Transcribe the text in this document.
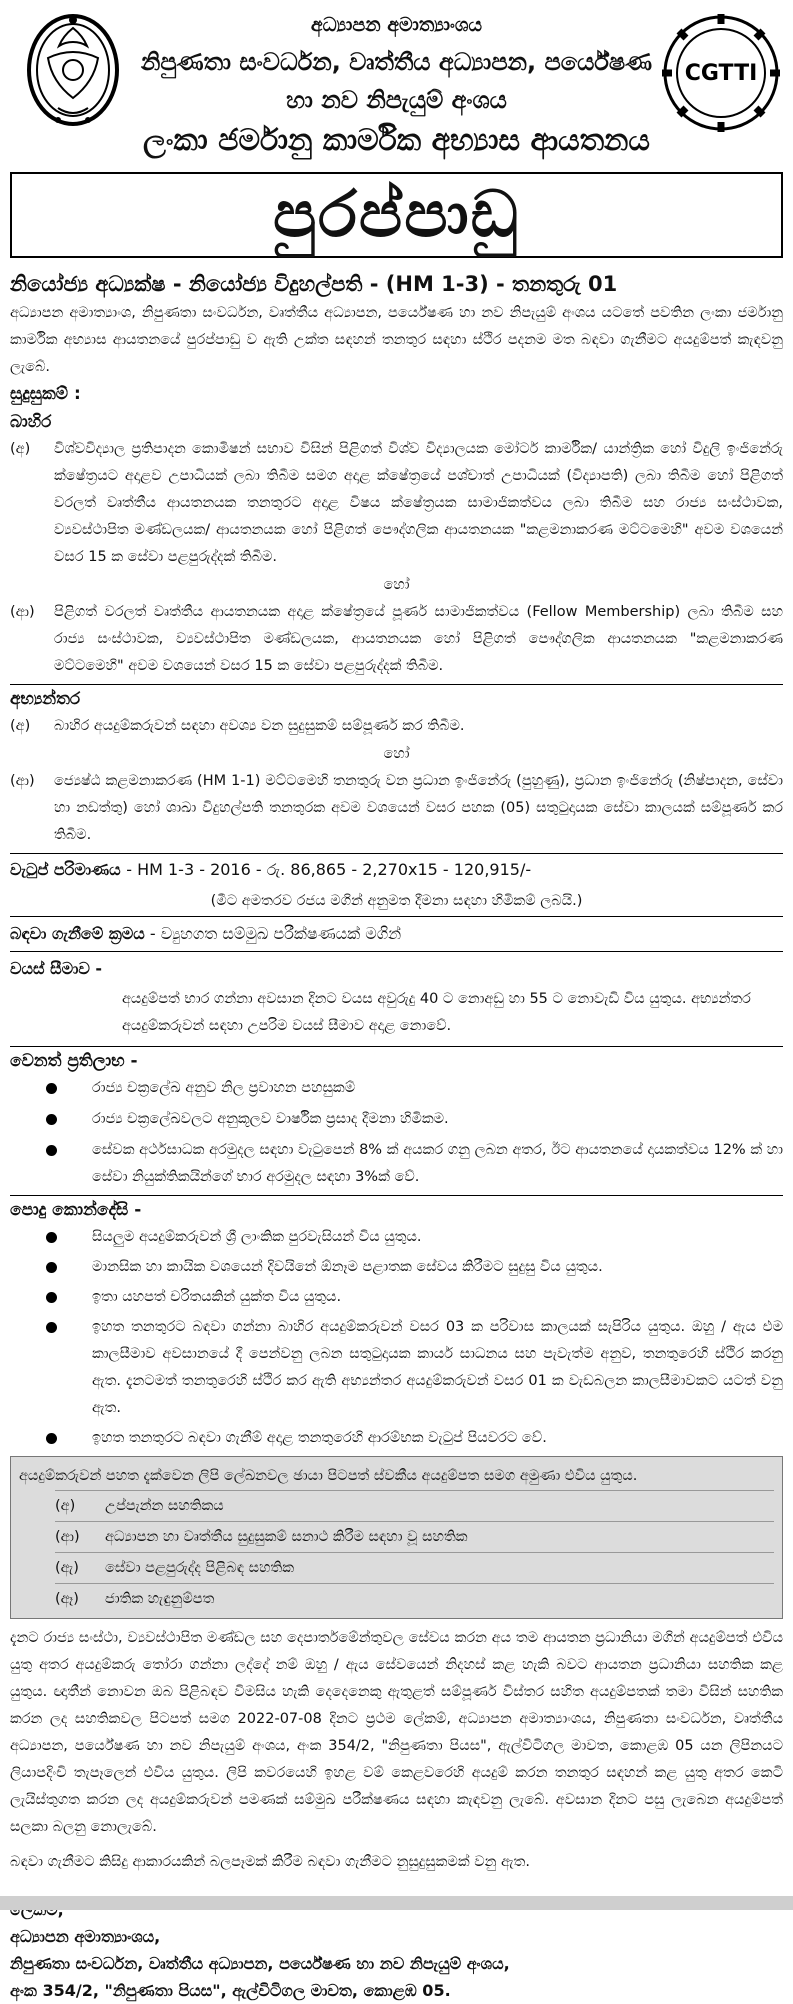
CGTTI
අධ්‍යාපන අමාත්‍යාංශය
නිපුණතා සංවර්ධන, වෘත්තීය අධ්‍යාපන, පර්යේෂණ
හා නව නිපැයුම් අංශය
ලංකා ජර්මානු කාර්මික අභ්‍යාස ආයතනය
පුරප්පාඩු
නියෝජ්‍ය අධ්‍යක්ෂ - නියෝජ්‍ය විදුහල්පති - (HM 1-3) - තනතුරු 01

අධ්‍යාපන අමාත්‍යාංශ, නිපුණතා සංවර්ධන, වෘත්තීය අධ්‍යාපන, පර්යේෂණ හා නව නිපැයුම් අංශය යටතේ පවතින ලංකා ජර්මානු කාර්මික අභ්‍යාස ආයතනයේ පුරප්පාඩු ව ඇති උක්ත සඳහන් තනතුර සඳහා ස්ථිර පදනම මත බඳවා ගැනීමට අයදුම්පත් කැඳවනු ලැබේ.

සුදුසුකම් :
බාහිර
(අ)	විශ්වවිද්‍යාල ප්‍රතිපාදන කොමිෂන් සභාව විසින් පිළිගත් විශ්ව විද්‍යාලයක මෝටර් කාර්මික/ යාන්ත්‍රික හෝ විදුලි ඉංජිනේරු ක්ෂේත්‍රයට අදාළව උපාධියක් ලබා තිබීම සමග අදාළ ක්ෂේත්‍රයේ පශ්චාත් උපාධියක් (විද්‍යාපති) ලබා තිබීම හෝ පිළිගත් වරලත් වෘත්තීය ආයතනයක තනතුරට අදාළ විෂය ක්ෂේත්‍රයක සාමාජිකත්වය ලබා තිබීම සහ රාජ්‍ය සංස්ථාවක, ව්‍යවස්ථාපිත මණ්ඩලයක/ ආයතනයක හෝ පිළිගත් පෞද්ගලික ආයතනයක "කළමනාකරණ මට්ටමෙහි" අවම වශයෙන් වසර 15 ක සේවා පළපුරුද්දක් තිබීම.
හෝ
(ආ)	පිළිගත් වරලත් වෘත්තීය ආයතනයක අදාළ ක්ෂේත්‍රයේ පූර්ණ සාමාජිකත්වය (Fellow Membership) ලබා තිබීම සහ රාජ්‍ය සංස්ථාවක, ව්‍යවස්ථාපිත මණ්ඩලයක, ආයතනයක හෝ පිළිගත් පෞද්ගලික ආයතනයක "කළමනාකරණ මට්ටමෙහි" අවම වශයෙන් වසර 15 ක සේවා පළපුරුද්දක් තිබීම.
අභ්‍යන්තර
(අ)	බාහිර අයදුම්කරුවන් සඳහා අවශ්‍ය වන සුදුසුකම් සම්පූර්ණ කර තිබීම.
හෝ
(ආ)	ජ්‍යෙෂ්ඨ කළමනාකරණ (HM 1-1) මට්ටමෙහි තනතුරු වන ප්‍රධාන ඉංජිනේරු (පුහුණු), ප්‍රධාන ඉංජිනේරු (නිෂ්පාදන, සේවා හා නඩත්තු) හෝ ශාඛා විදුහල්පති තනතුරක අවම වශයෙන් වසර පහක (05) සතුටුදායක සේවා කාලයක් සම්පූර්ණ කර තිබීම.
වැටුප් පරිමාණය - HM 1-3 - 2016 - රු. 86,865 - 2,270x15 - 120,915/-
(මීට අමතරව රජය මගින් අනුමත දීමනා සඳහා හිමිකම් ලබයි.)
බඳවා ගැනීමේ ක්‍රමය - ව්‍යුහගත සම්මුඛ පරීක්ෂණයක් මගින්
වයස් සීමාව -
අයදුම්පත් භාර ගන්නා අවසාන දිනට වයස අවුරුදු 40 ට නොඅඩු හා 55 ට නොවැඩි විය යුතුය. අභ්‍යන්තර අයදුම්කරුවන් සඳහා උපරිම වයස් සීමාව අදාළ නොවේ.
වෙනත් ප්‍රතිලාභ -
රාජ්‍ය චක්‍රලේඛ අනුව නිල ප්‍රවාහන පහසුකම්
රාජ්‍ය චක්‍රලේඛවලට අනුකූලව වාර්ෂික ප්‍රසාද දීමනා හිමිකම.
සේවක අර්ථසාධක අරමුදල සඳහා වැටුපෙන් 8% ක් අයකර ගනු ලබන අතර, ඊට ආයතනයේ දායකත්වය 12% ක් හා සේවා නියුක්තිකයින්ගේ භාර අරමුදල සඳහා 3%ක් වේ.
පොදු කොන්දේසි -
සියලුම අයදුම්කරුවන් ශ්‍රී ලාංකික පුරවැසියන් විය යුතුය.
මානසික හා කායික වශයෙන් දිවයිනේ ඕනෑම පළාතක සේවය කිරීමට සුදුසු විය යුතුය.
ඉතා යහපත් චරිතයකින් යුක්ත විය යුතුය.
ඉහත තනතුරට බඳවා ගන්නා බාහිර අයදුම්කරුවන් වසර 03 ක පරිවාස කාලයක් සැපිරිය යුතුය. ඔහු / ඇය එම කාලසීමාව අවසානයේ දී පෙන්වනු ලබන සතුටුදායක කාර්ය සාධනය සහ පැවැත්ම අනුව, තනතුරෙහි ස්ථිර කරනු ඇත. දැනටමත් තනතුරෙහි ස්ථිර කර ඇති අභ්‍යන්තර අයදුම්කරුවන් වසර 01 ක වැඩබලන කාලසීමාවකට යටත් වනු ඇත.
ඉහත තනතුරට බඳවා ගැනීම් අදාළ තනතුරෙහි ආරම්භක වැටුප් පියවරට වේ.
අයදුම්කරුවන් පහත දැක්වෙන ලිපි ලේඛනවල ඡායා පිටපත් ස්වකීය අයදුම්පත සමග අමුණා එවිය යුතුය.
(අ)	උප්පැන්න සහතිකය
(ආ)	අධ්‍යාපන හා වෘත්තීය සුදුසුකම් සනාථ කිරීම සඳහා වූ සහතික
(ඇ)	සේවා පළපුරුද්ද පිළිබඳ සහතික
(ඈ)	ජාතික හැඳුනුම්පත
දැනට රාජ්‍ය සංස්ථා, ව්‍යවස්ථාපිත මණ්ඩල සහ දෙපාර්තමේන්තුවල සේවය කරන අය තම ආයතන ප්‍රධානියා මගින් අයදුම්පත් එවිය යුතු අතර අයදුම්කරු තෝරා ගන්නා ලද්දේ නම් ඔහු / ඇය සේවයෙන් නිදහස් කළ හැකි බවට ආයතන ප්‍රධානියා සහතික කළ යුතුය. ඥාතීන් නොවන ඔබ පිළිබඳව විමසිය හැකි දෙදෙනෙකු ඇතුළත් සම්පූර්ණ විස්තර සහිත අයදුම්පතක් තමා විසින් සහතික කරන ලද සහතිකවල පිටපත් සමග 2022-07-08 දිනට ප්‍රථම ලේකම්, අධ්‍යාපන අමාත්‍යාංශය, නිපුණතා සංවර්ධන, වෘත්තීය අධ්‍යාපන, පර්යේෂණ හා නව නිපැයුම් අංශය, අංක 354/2, "නිපුණතා පියස", ඇල්විටිගල මාවත, කොළඹ 05 යන ලිපිනයට ලියාපදිංචි තැපෑලෙන් එවිය යුතුය. ලිපි කවරයෙහි ඉහළ වම් කෙළවරෙහි අයදුම් කරන තනතුර සඳහන් කළ යුතු අතර කෙටි ලැයිස්තුගත කරන ලද අයදුම්කරුවන් පමණක් සම්මුඛ පරීක්ෂණය සඳහා කැඳවනු ලැබේ. අවසාන දිනට පසු ලැබෙන අයදුම්පත් සලකා බලනු නොලැබේ.
බඳවා ගැනීමට කිසිදු ආකාරයකින් බලපෑමක් කිරීම බඳවා ගැනීමට නුසුදුසුකමක් වනු ඇත.
අධ්‍යාපන අමාත්‍යාංශය,
නිපුණතා සංවර්ධන, වෘත්තීය අධ්‍යාපන, පර්යේෂණ හා නව නිපැයුම් අංශය,
අංක 354/2, "නිපුණතා පියස", ඇල්විටිගල මාවත, කොළඹ 05.
